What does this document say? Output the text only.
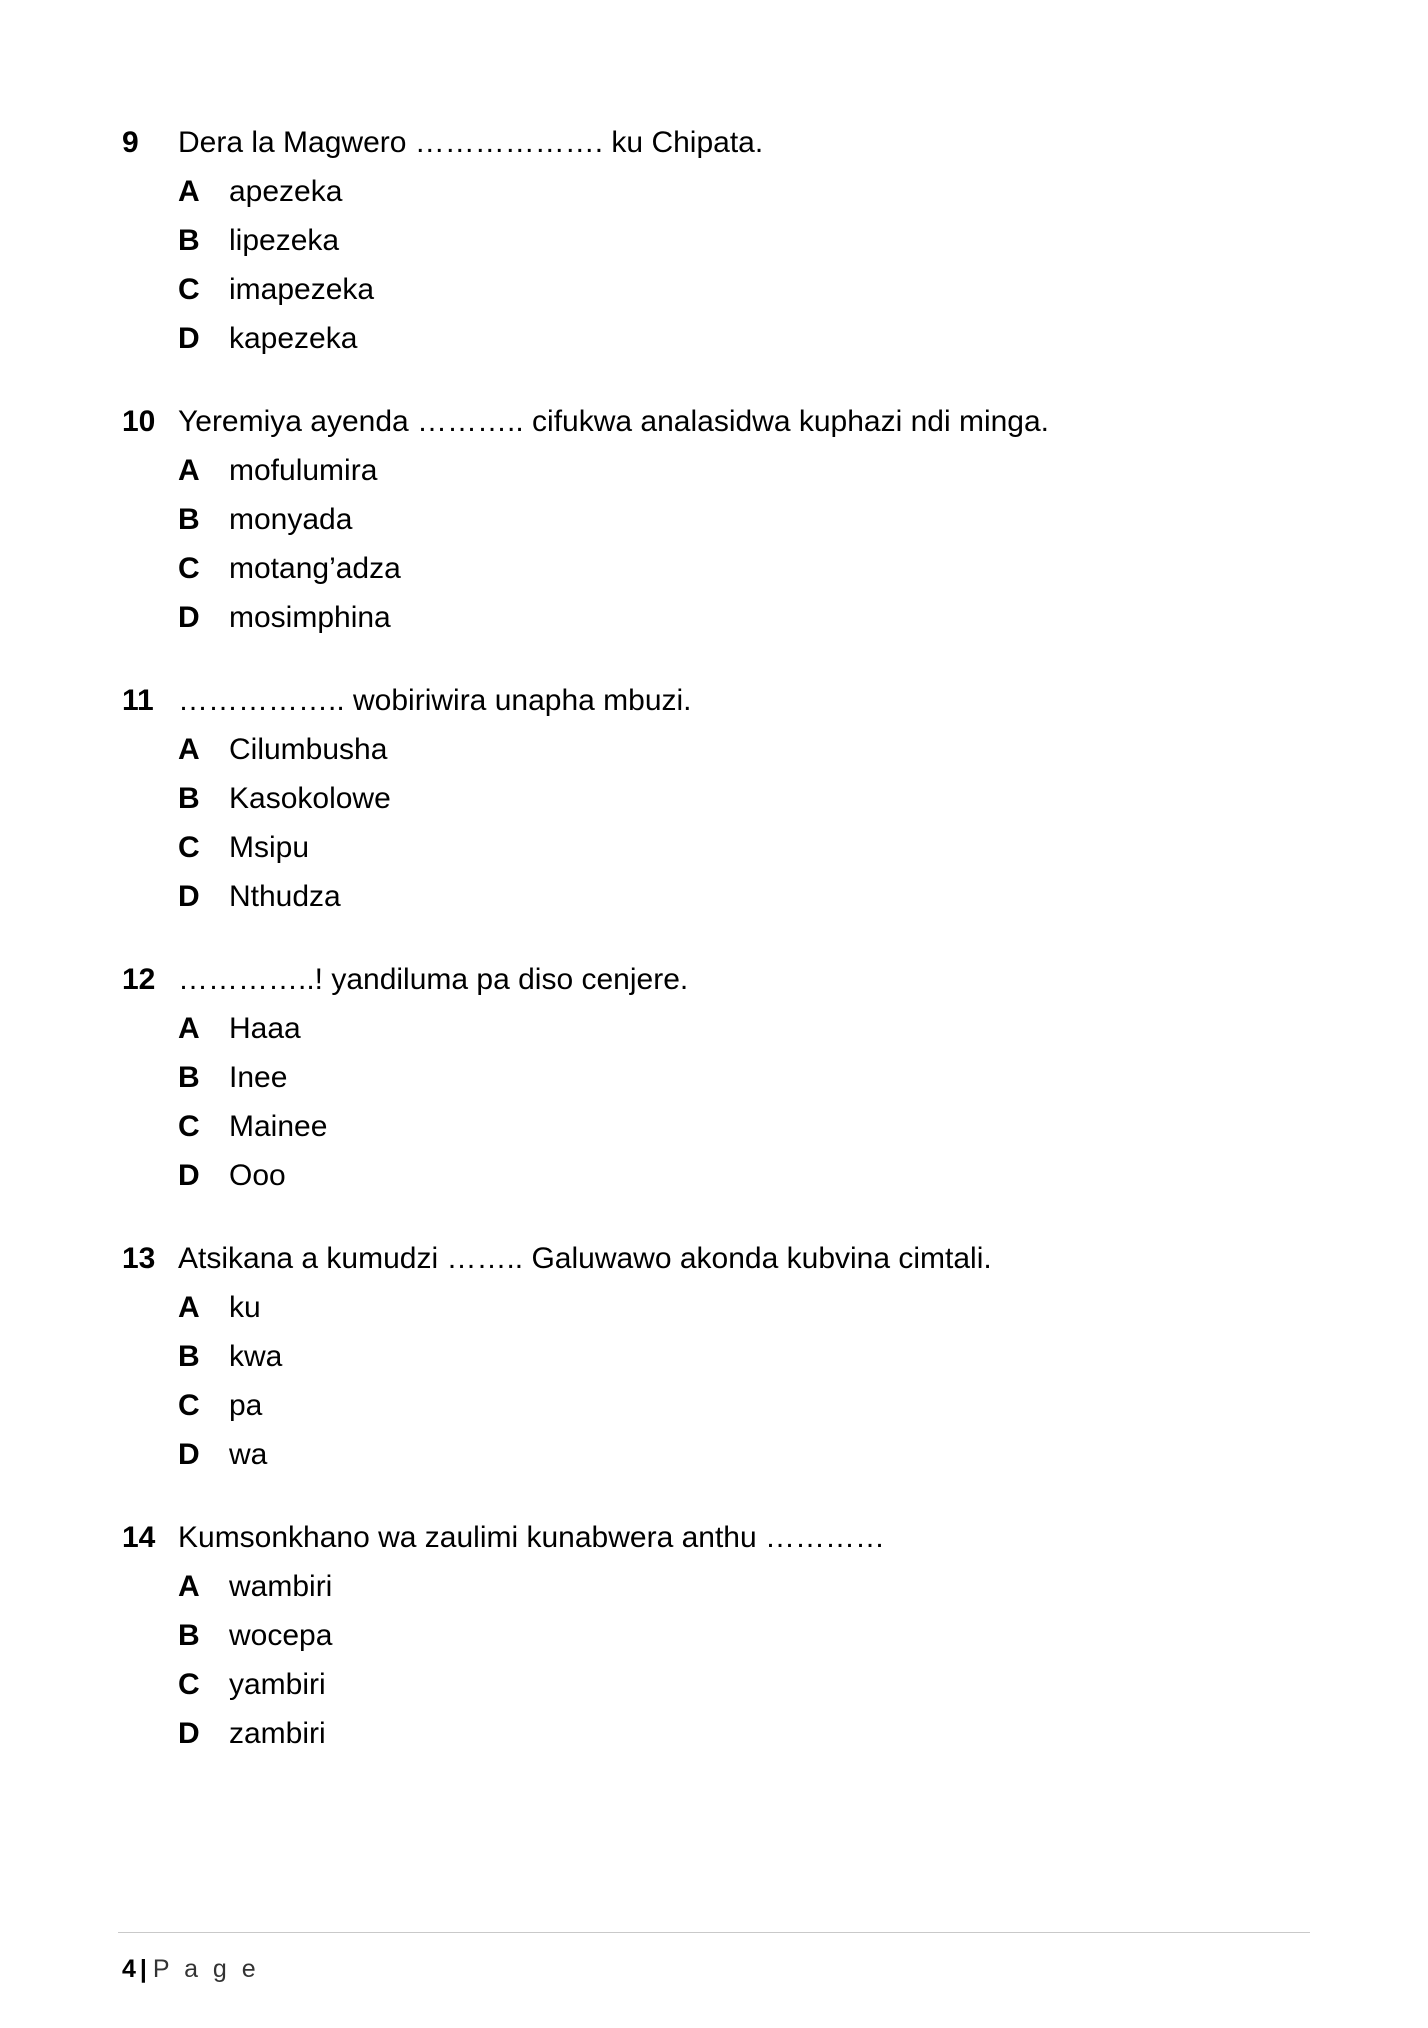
9	Dera la Magwero ………………. ku Chipata.
A apezeka
B lipezeka
C imapezeka
D kapezeka
10 Yeremiya ayenda ……….. cifukwa analasidwa kuphazi ndi minga.
A mofulumira
B monyada
C motang’adza
D mosimphina
11 …………….. wobiriwira unapha mbuzi.
A Cilumbusha
B Kasokolowe
C Msipu
D Nthudza
12 …………..! yandiluma pa diso cenjere.
A Haaa
B Inee
C Mainee
D Ooo
13 Atsikana a kumudzi …….. Galuwawo akonda kubvina cimtali.
A ku
B kwa
C pa
D wa
14 Kumsonkhano wa zaulimi kunabwera anthu …………
A wambiri
B wocepa
C yambiri
D zambiri
4 | P a g e
